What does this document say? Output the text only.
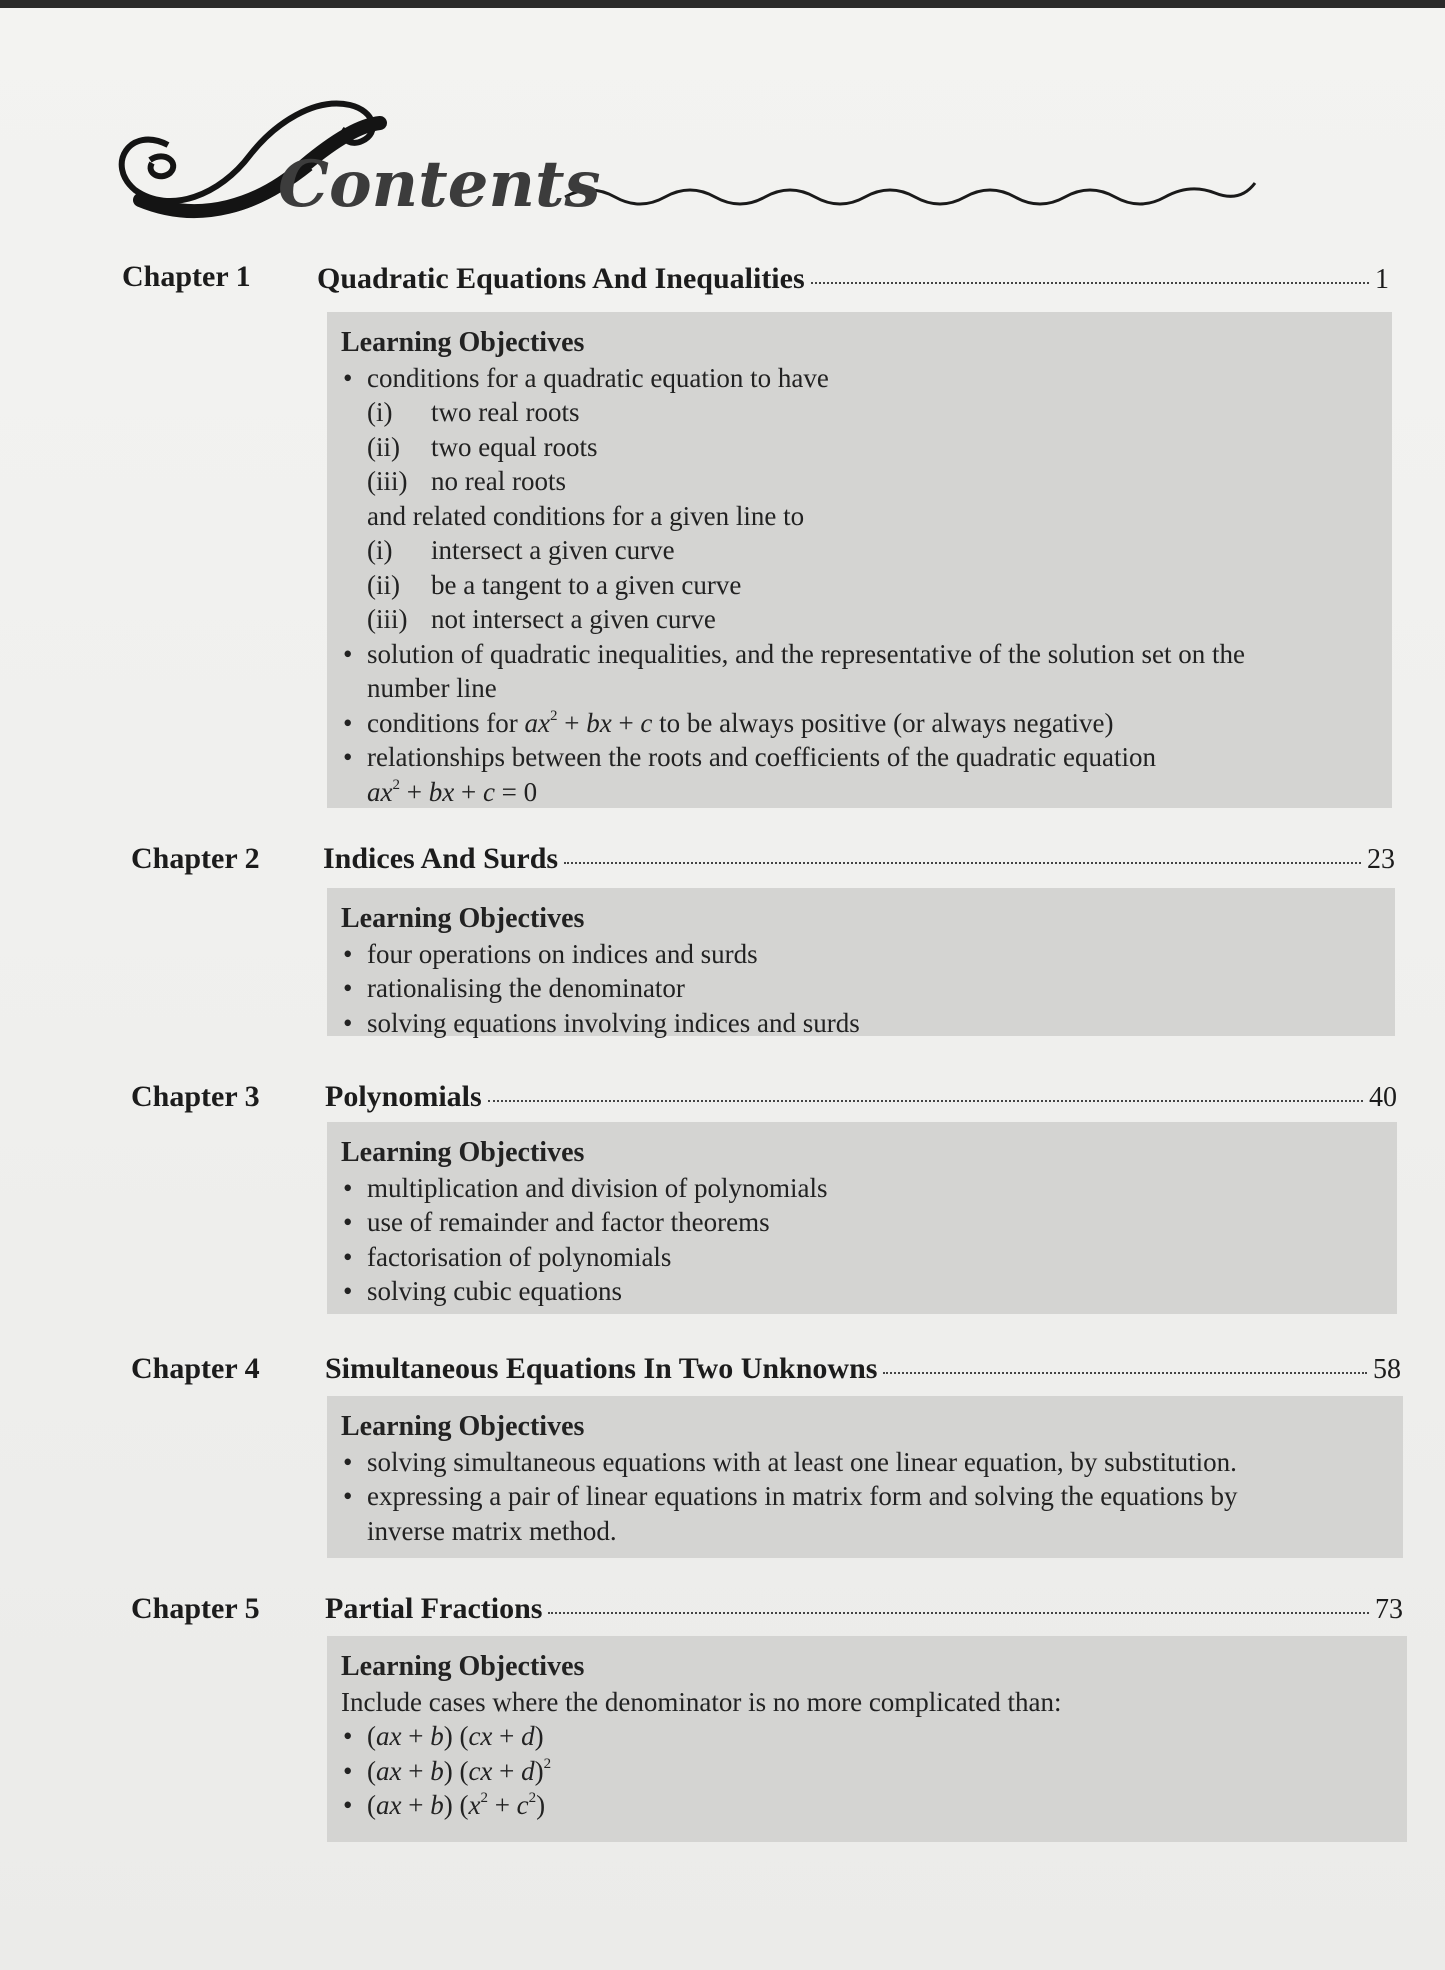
Contents
Chapter 1 Quadratic Equations And Inequalities	1
Learning Objectives
• conditions for a quadratic equation to have
(i)	two real roots
(ii)	two equal roots
(iii) no real roots
and related conditions for a given line to
(i)	intersect a given curve
(ii)	be a tangent to a given curve
(iii) not intersect a given curve
• solution of quadratic inequalities, and the representative of the solution set on the
number line
• conditions for $ax^2$ + bx + c to be always positive (or always negative)
• relationships between the roots and coefficients of the quadratic equation
$ax^2$ + bx + c = 0
Chapter 2 Indices And Surds	23
Learning Objectives
• four operations on indices and surds
• rationalising the denominator
• solving equations involving indices and surds
Chapter 3 Polynomials	40
Learning Objectives
• multiplication and division of polynomials
• use of remainder and factor theorems
• factorisation of polynomials
• solving cubic equations
Chapter 4 Simultaneous Equations In Two Unknowns	58
Learning Objectives
• solving simultaneous equations with at least one linear equation, by substitution.
• expressing a pair of linear equations in matrix form and solving the equations by
inverse matrix method.
Chapter 5 Partial Fractions	73
Learning Objectives
Include cases where the denominator is no more complicated than:
• (ax + b) (cx + d)
• (ax + b) (cx + d)$^2$
• (ax + b) $(x^2 + c^2)$
